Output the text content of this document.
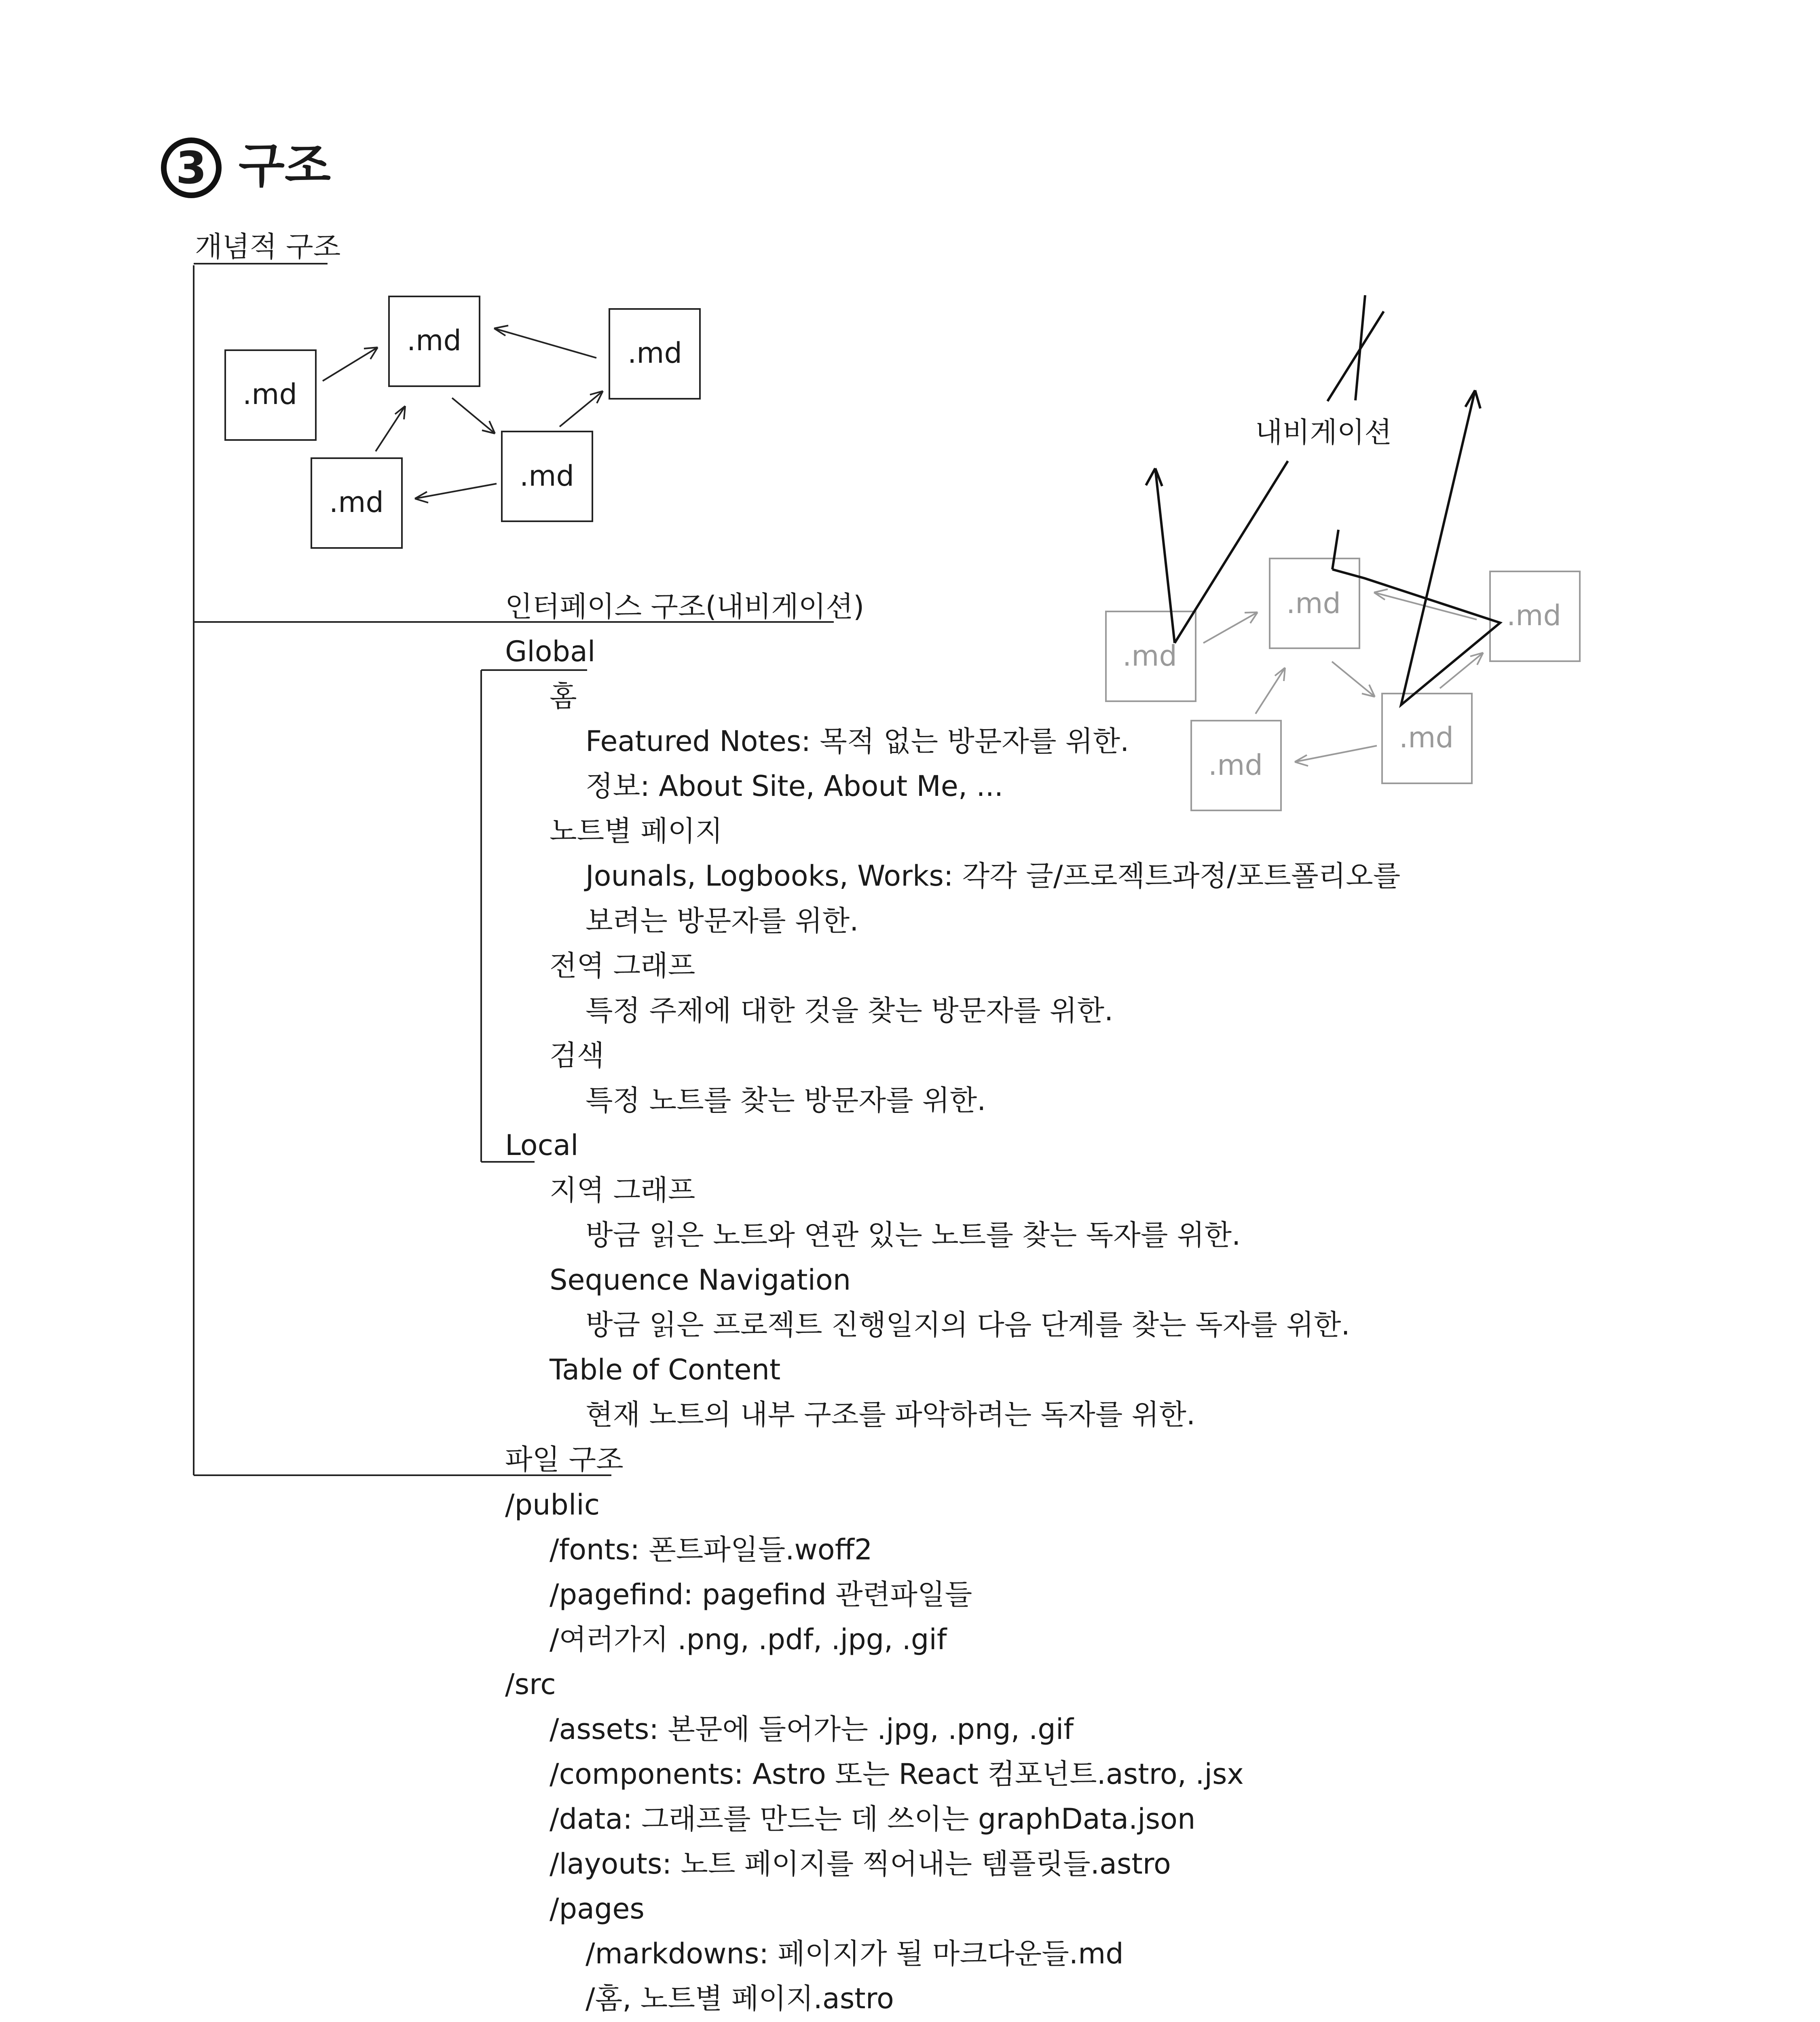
3 구조
.md
.md	.md
.md
.md
.md
.md	.md
.md
.md
내비게이션
개념적 구조
인터페이스 구조(내비게이션)
파일 구조
Global
홈
Featured Notes: 목적 없는 방문자를 위한.
정보: About Site, About Me, ...
노트별 페이지
Jounals, Logbooks, Works: 각각 글/프로젝트과정/포트폴리오를
보려는 방문자를 위한.
전역 그래프
특정 주제에 대한 것을 찾는 방문자를 위한.
검색
특정 노트를 찾는 방문자를 위한.
Local
지역 그래프
방금 읽은 노트와 연관 있는 노트를 찾는 독자를 위한.
Sequence Navigation
방금 읽은 프로젝트 진행일지의 다음 단계를 찾는 독자를 위한.
Table of Content
현재 노트의 내부 구조를 파악하려는 독자를 위한.
/public
/fonts: 폰트파일들.woff2
/pagefind: pagefind 관련파일들
/여러가지 .png, .pdf, .jpg, .gif
/src
/assets: 본문에 들어가는 .jpg, .png, .gif
/components: Astro 또는 React 컴포넌트.astro, .jsx
/data: 그래프를 만드는 데 쓰이는 graphData.json
/layouts: 노트 페이지를 찍어내는 템플릿들.astro
/pages
/markdowns: 페이지가 될 마크다운들.md
/홈, 노트별 페이지.astro
